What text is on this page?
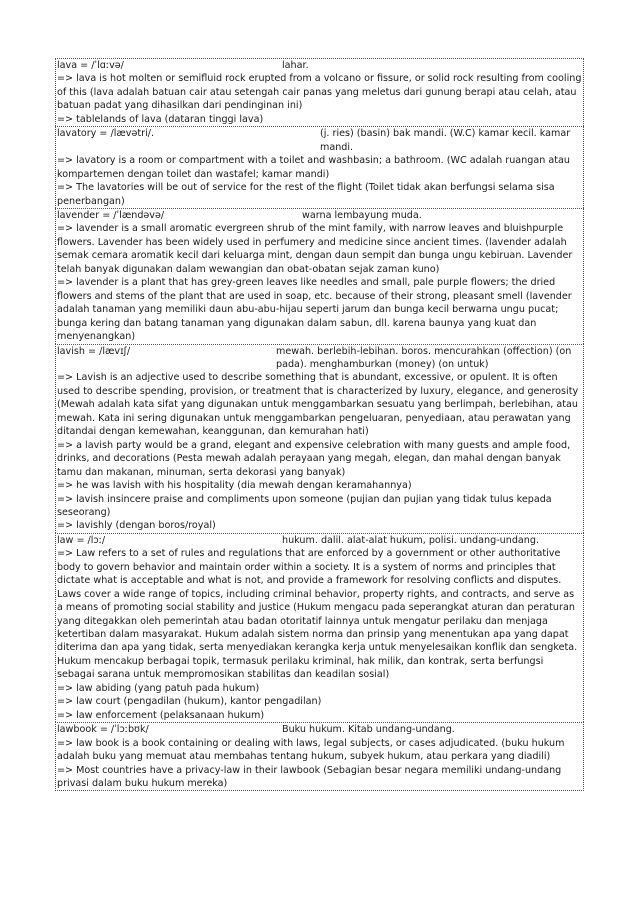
lava = /ˈlɑːvə/	lahar.
=> lava is hot molten or semifluid rock erupted from a volcano or fissure, or solid rock resulting from cooling of this (lava adalah batuan cair atau setengah cair panas yang meletus dari gunung berapi atau celah, atau batuan padat yang dihasilkan dari pendinginan ini)
=> tablelands of lava (dataran tinggi lava)
lavatory = /lævətri/.	(j. ries) (basin) bak mandi. (W.C) kamar kecil. kamar mandi.
=> lavatory is a room or compartment with a toilet and washbasin; a bathroom. (WC adalah ruangan atau kompartemen dengan toilet dan wastafel; kamar mandi)
=> The lavatories will be out of service for the rest of the flight (Toilet tidak akan berfungsi selama sisa penerbangan)
lavender = /ˈlændəvə/	warna lembayung muda.
=> lavender is a small aromatic evergreen shrub of the mint family, with narrow leaves and bluishpurple flowers. Lavender has been widely used in perfumery and medicine since ancient times. (lavender adalah semak cemara aromatik kecil dari keluarga mint, dengan daun sempit dan bunga ungu kebiruan. Lavender telah banyak digunakan dalam wewangian dan obat-obatan sejak zaman kuno)
=> lavender is a plant that has grey-green leaves like needles and small, pale purple flowers; the dried flowers and stems of the plant that are used in soap, etc. because of their strong, pleasant smell (lavender adalah tanaman yang memiliki daun abu-abu-hijau seperti jarum dan bunga kecil berwarna ungu pucat; bunga kering dan batang tanaman yang digunakan dalam sabun, dll. karena baunya yang kuat dan menyenangkan)
lavish = /lævɪʃ/	mewah. berlebih-lebihan. boros. mencurahkan (offection) (on pada). menghamburkan (money) (on untuk)
=> Lavish is an adjective used to describe something that is abundant, excessive, or opulent. It is often used to describe spending, provision, or treatment that is characterized by luxury, elegance, and generosity (Mewah adalah kata sifat yang digunakan untuk menggambarkan sesuatu yang berlimpah, berlebihan, atau mewah. Kata ini sering digunakan untuk menggambarkan pengeluaran, penyediaan, atau perawatan yang ditandai dengan kemewahan, keanggunan, dan kemurahan hati)
=> a lavish party would be a grand, elegant and expensive celebration with many guests and ample food, drinks, and decorations (Pesta mewah adalah perayaan yang megah, elegan, dan mahal dengan banyak tamu dan makanan, minuman, serta dekorasi yang banyak)
=> he was lavish with his hospitality (dia mewah dengan keramahannya)
=> lavish insincere praise and compliments upon someone (pujian dan pujian yang tidak tulus kepada seseorang)
=> lavishly (dengan boros/royal)
law = /lɔː/	hukum. dalil. alat-alat hukum, polisi. undang-undang.
=> Law refers to a set of rules and regulations that are enforced by a government or other authoritative body to govern behavior and maintain order within a society. It is a system of norms and principles that dictate what is acceptable and what is not, and provide a framework for resolving conflicts and disputes. Laws cover a wide range of topics, including criminal behavior, property rights, and contracts, and serve as a means of promoting social stability and justice (Hukum mengacu pada seperangkat aturan dan peraturan yang ditegakkan oleh pemerintah atau badan otoritatif lainnya untuk mengatur perilaku dan menjaga ketertiban dalam masyarakat. Hukum adalah sistem norma dan prinsip yang menentukan apa yang dapat diterima dan apa yang tidak, serta menyediakan kerangka kerja untuk menyelesaikan konflik dan sengketa. Hukum mencakup berbagai topik, termasuk perilaku kriminal, hak milik, dan kontrak, serta berfungsi sebagai sarana untuk mempromosikan stabilitas dan keadilan sosial)
=> law abiding (yang patuh pada hukum)
=> law court (pengadilan (hukum), kantor pengadilan)
=> law enforcement (pelaksanaan hukum)
lawbook = /ˈlɔːbʊk/	Buku hukum. Kitab undang-undang.
=> law book is a book containing or dealing with laws, legal subjects, or cases adjudicated. (buku hukum adalah buku yang memuat atau membahas tentang hukum, subyek hukum, atau perkara yang diadili)
=> Most countries have a privacy-law in their lawbook (Sebagian besar negara memiliki undang-undang privasi dalam buku hukum mereka)
